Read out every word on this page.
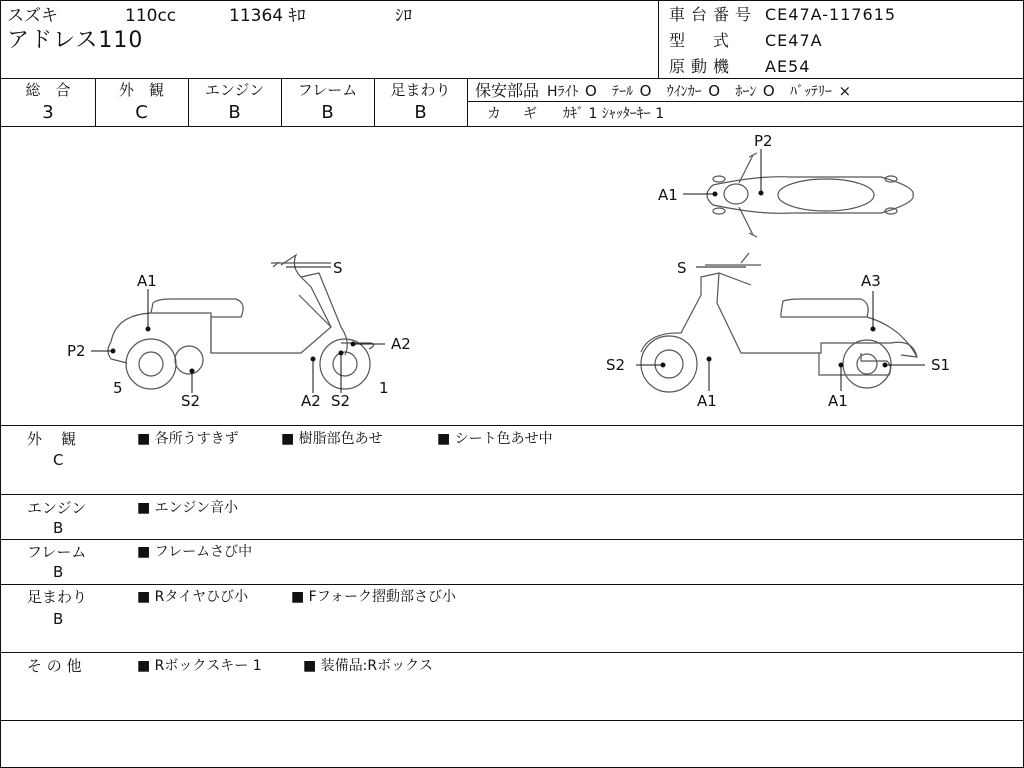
スズキ	110cc	11364 ｷﾛ	ｼﾛ
アドレス110
車台番号 CE47A-117615
型　式 CE47A
原動機 AE54
総　合
3
外　観
C
エンジン
B
フレーム
B
足まわり
B
保安部品 Hﾗｲﾄ O ﾃｰﾙ O ｳｲﾝｶｰ O ﾎｰﾝ O ﾊﾞｯﾃﾘｰ ×
カ　ギ ｶｷﾞ 1 ｼｬｯﾀｰｷｰ 1
P2
A1
A1
S
P2	A2
5
S2	A2 S2
1
S
A3
S2	S1
A1	A1
外　観
C
■ 各所うすきず	■ 樹脂部色あせ	■ シート色あせ中
エンジン
B
■ エンジン音小
フレーム
B
■ フレームさび中
足まわり
B
■ Rタイヤひび小	■ Fフォーク摺動部さび小
そ の 他	■ Rボックスキー 1	■ 装備品:Rボックス
